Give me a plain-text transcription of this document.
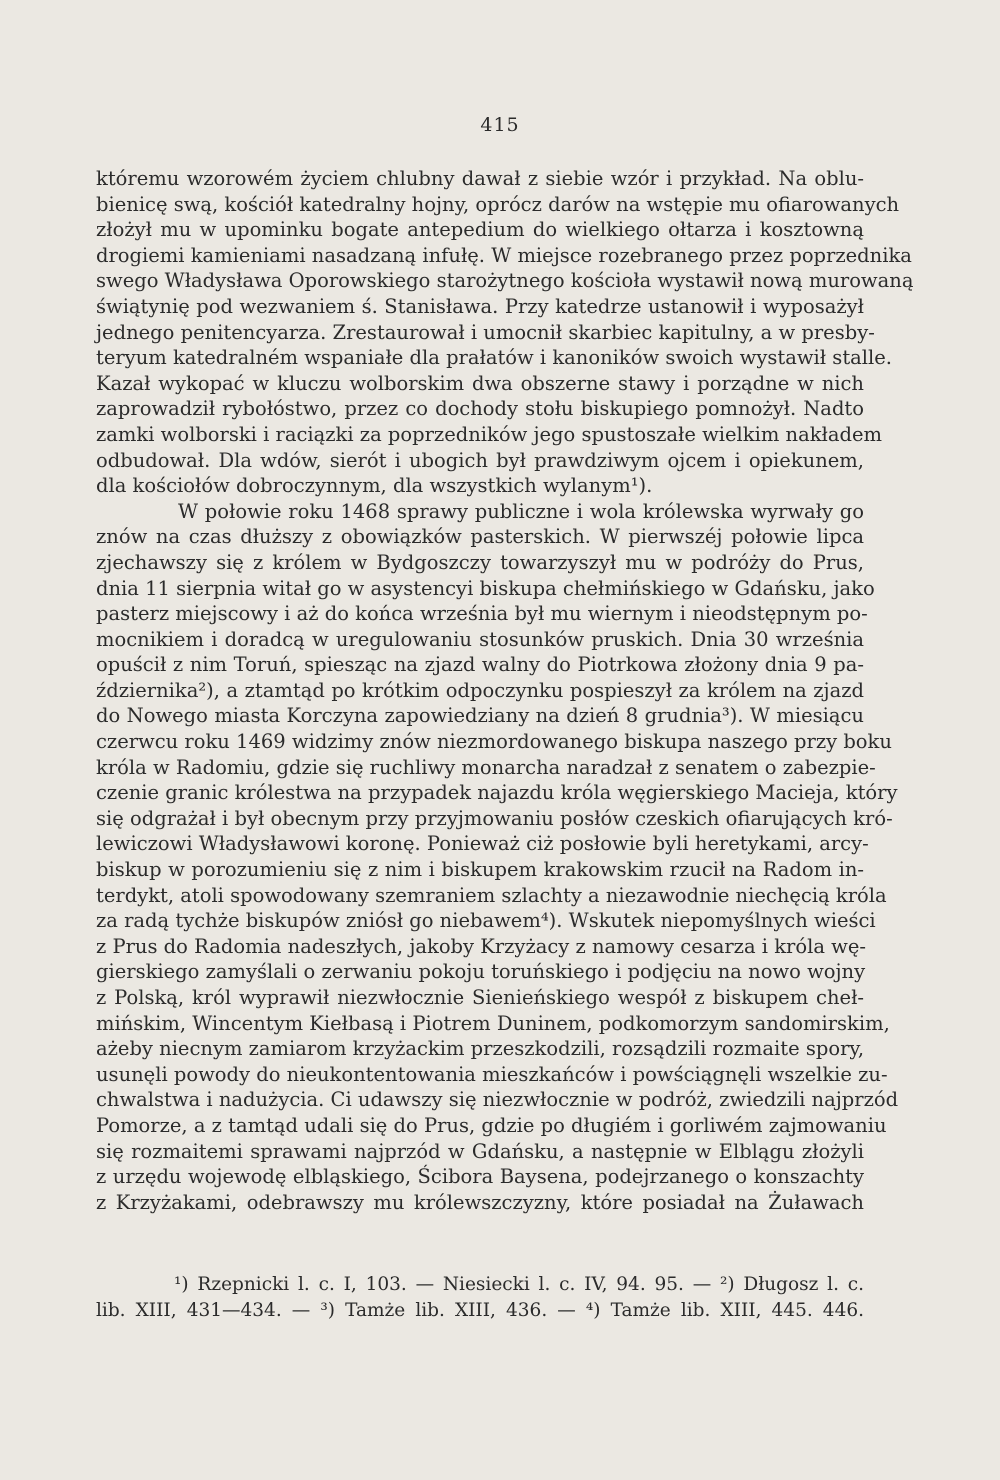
415
któremu wzorowém życiem chlubny dawał z siebie wzór i przykład. Na oblu-
bienicę swą, kościół katedralny hojny, oprócz darów na wstępie mu ofiarowanych
złożył mu w upominku bogate antepedium do wielkiego ołtarza i kosztowną
drogiemi kamieniami nasadzaną infułę. W miejsce rozebranego przez poprzednika
swego Władysława Oporowskiego starożytnego kościoła wystawił nową murowaną
świątynię pod wezwaniem ś. Stanisława. Przy katedrze ustanowił i wyposażył
jednego penitencyarza. Zrestaurował i umocnił skarbiec kapitulny, a w presby-
teryum katedralném wspaniałe dla prałatów i kanoników swoich wystawił stalle.
Kazał wykopać w kluczu wolborskim dwa obszerne stawy i porządne w nich
zaprowadził rybołóstwo, przez co dochody stołu biskupiego pomnożył. Nadto
zamki wolborski i raciązki za poprzedników jego spustoszałe wielkim nakładem
odbudował. Dla wdów, sierót i ubogich był prawdziwym ojcem i opiekunem,
dla kościołów dobroczynnym, dla wszystkich wylanym¹).
W połowie roku 1468 sprawy publiczne i wola królewska wyrwały go
znów na czas dłuższy z obowiązków pasterskich. W pierwszéj połowie lipca
zjechawszy się z królem w Bydgoszczy towarzyszył mu w podróży do Prus,
dnia 11 sierpnia witał go w asystencyi biskupa chełmińskiego w Gdańsku, jako
pasterz miejscowy i aż do końca września był mu wiernym i nieodstępnym po-
mocnikiem i doradcą w uregulowaniu stosunków pruskich. Dnia 30 września
opuścił z nim Toruń, spiesząc na zjazd walny do Piotrkowa złożony dnia 9 pa-
ździernika²), a ztamtąd po krótkim odpoczynku pospieszył za królem na zjazd
do Nowego miasta Korczyna zapowiedziany na dzień 8 grudnia³). W miesiącu
czerwcu roku 1469 widzimy znów niezmordowanego biskupa naszego przy boku
króla w Radomiu, gdzie się ruchliwy monarcha naradzał z senatem o zabezpie-
czenie granic królestwa na przypadek najazdu króla węgierskiego Macieja, który
się odgrażał i był obecnym przy przyjmowaniu posłów czeskich ofiarujących kró-
lewiczowi Władysławowi koronę. Ponieważ ciż posłowie byli heretykami, arcy-
biskup w porozumieniu się z nim i biskupem krakowskim rzucił na Radom in-
terdykt, atoli spowodowany szemraniem szlachty a niezawodnie niechęcią króla
za radą tychże biskupów zniósł go niebawem⁴). Wskutek niepomyślnych wieści
z Prus do Radomia nadeszłych, jakoby Krzyżacy z namowy cesarza i króla wę-
gierskiego zamyślali o zerwaniu pokoju toruńskiego i podjęciu na nowo wojny
z Polską, król wyprawił niezwłocznie Sienieńskiego wespół z biskupem cheł-
mińskim, Wincentym Kiełbasą i Piotrem Duninem, podkomorzym sandomirskim,
ażeby niecnym zamiarom krzyżackim przeszkodzili, rozsądzili rozmaite spory,
usunęli powody do nieukontentowania mieszkańców i powściągnęli wszelkie zu-
chwalstwa i nadużycia. Ci udawszy się niezwłocznie w podróż, zwiedzili najprzód
Pomorze, a z tamtąd udali się do Prus, gdzie po długiém i gorliwém zajmowaniu
się rozmaitemi sprawami najprzód w Gdańsku, a następnie w Elblągu złożyli
z urzędu wojewodę elbląskiego, Ścibora Baysena, podejrzanego o konszachty
z Krzyżakami, odebrawszy mu królewszczyzny, które posiadał na Żuławach
¹) Rzepnicki l. c. I, 103. — Niesiecki l. c. IV, 94. 95. — ²) Długosz l. c.
lib. XIII, 431—434. — ³) Tamże lib. XIII, 436. — ⁴) Tamże lib. XIII, 445. 446.
